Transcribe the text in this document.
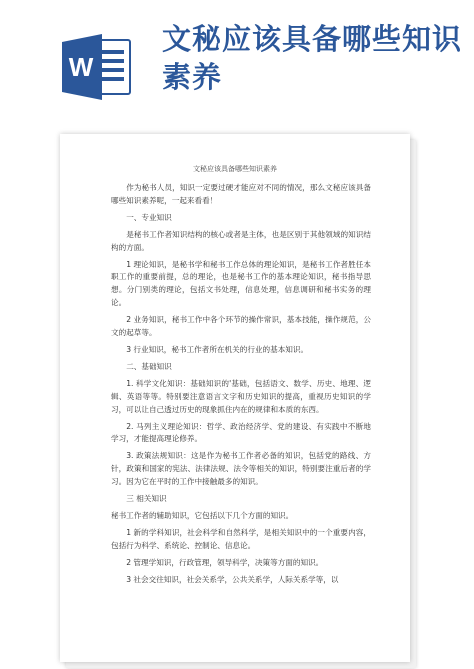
W
文秘应该具备哪些知识素养
文秘应该具备哪些知识素养

作为秘书人员，知识一定要过硬才能应对不同的情况，那么文秘应该具备哪些知识素养呢，一起来看看！

一、专业知识

是秘书工作者知识结构的核心或者是主体，也是区别于其他领域的知识结构的方面。

1 理论知识，是秘书学和秘书工作总体的理论知识，是秘书工作者胜任本职工作的重要前提，总的理论，也是秘书工作的基本理论知识，秘书指导思想。分门别类的理论，包括文书处理，信息处理，信息调研和秘书实务的理论。

2 业务知识，秘书工作中各个环节的操作常识，基本技能，操作规范，公文的起草等。

3 行业知识，秘书工作者所在机关的行业的基本知识。

二、基础知识

1. 科学文化知识：基础知识的'基础，包括语文、数学、历史、地理、逻辑、英语等等。特别要注意语言文字和历史知识的提高，重视历史知识的学习，可以让自己透过历史的现象抓住内在的规律和本质的东西。

2. 马列主义理论知识：哲学、政治经济学、党的建设、有实践中不断地学习，才能提高理论修养。

3. 政策法规知识：这是作为秘书工作者必备的知识，包括党的路线、方针，政策和国家的宪法、法律法规、法令等相关的知识，特别要注重后者的学习。因为它在平时的工作中接触最多的知识。

三 相关知识

秘书工作者的辅助知识，它包括以下几个方面的知识。

1 新的学科知识，社会科学和自然科学，是相关知识中的一个重要内容，包括行为科学、系统论、控制论、信息论。

2 管理学知识，行政管理，领导科学，决策等方面的知识。

3 社会交往知识，社会关系学，公共关系学，人际关系学等，以
